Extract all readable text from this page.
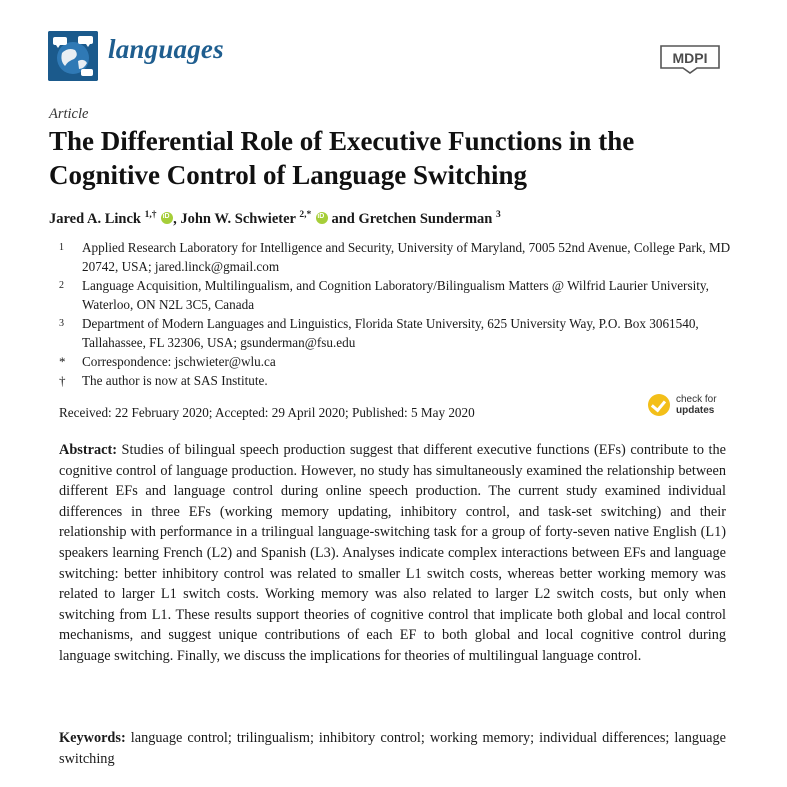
languages	MDPI
Article
The Differential Role of Executive Functions in the Cognitive Control of Language Switching
Jared A. Linck $^{1,\dagger}$ iD , John W. Schwieter $^{2,*}$ iD and Gretchen Sunderman $^3$
1	Applied Research Laboratory for Intelligence and Security, University of Maryland, 7005 52nd Avenue, College Park, MD 20742, USA; jared.linck@gmail.com
2	Language Acquisition, Multilingualism, and Cognition Laboratory/Bilingualism Matters @ Wilfrid Laurier University, Waterloo, ON N2L 3C5, Canada
3	Department of Modern Languages and Linguistics, Florida State University, 625 University Way, P.O. Box 3061540, Tallahassee, FL 32306, USA; gsunderman@fsu.edu
*	Correspondence: jschwieter@wlu.ca
†	The author is now at SAS Institute.
Received: 22 February 2020; Accepted: 29 April 2020; Published: 5 May 2020
check for
updates
Abstract: Studies of bilingual speech production suggest that different executive functions (EFs) contribute to the cognitive control of language production. However, no study has simultaneously examined the relationship between different EFs and language control during online speech production. The current study examined individual differences in three EFs (working memory updating, inhibitory control, and task-set switching) and their relationship with performance in a trilingual language-switching task for a group of forty-seven native English (L1) speakers learning French (L2) and Spanish (L3). Analyses indicate complex interactions between EFs and language switching: better inhibitory control was related to smaller L1 switch costs, whereas better working memory was related to larger L1 switch costs. Working memory was also related to larger L2 switch costs, but only when switching from L1. These results support theories of cognitive control that implicate both global and local control mechanisms, and suggest unique contributions of each EF to both global and local cognitive control during language switching. Finally, we discuss the implications for theories of multilingual language control.
Keywords: language control; trilingualism; inhibitory control; working memory; individual differences; language switching
